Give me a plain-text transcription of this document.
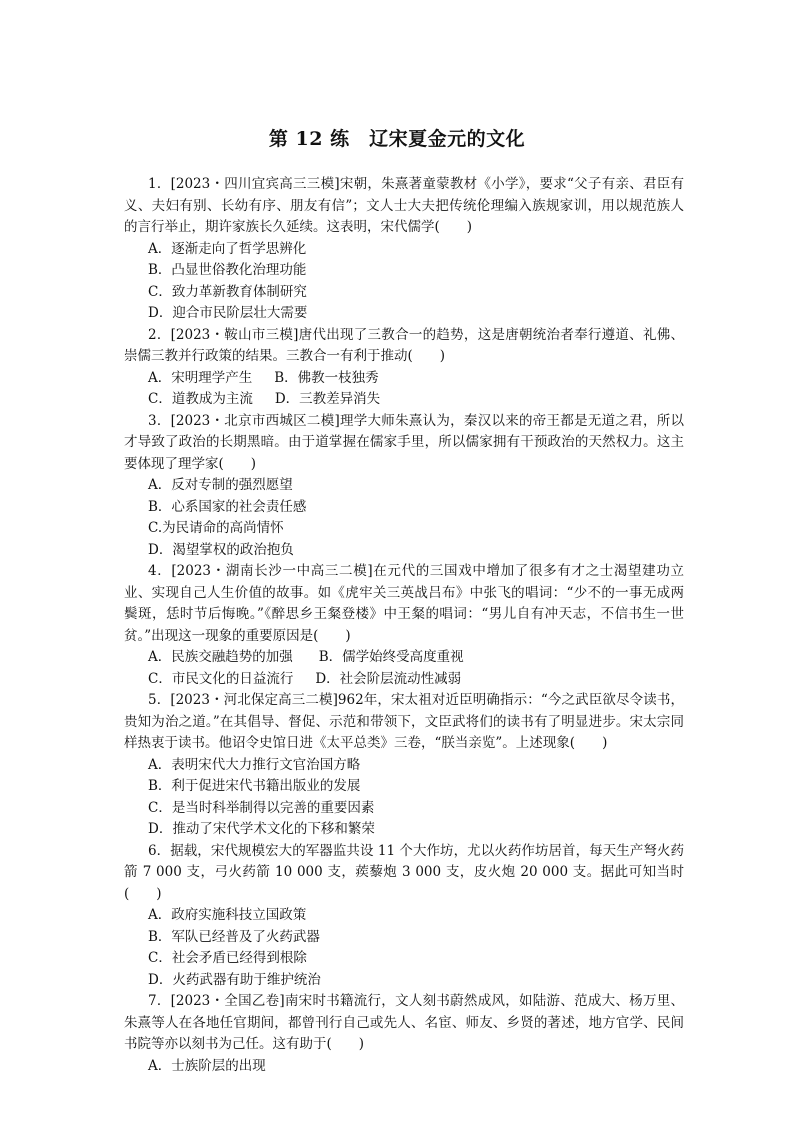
第 12 练　辽宋夏金元的文化

1．[2023・四川宜宾高三三模]宋朝，朱熹著童蒙教材《小学》，要求“父子有亲、君臣有义、夫妇有别、长幼有序、朋友有信”；文人士大夫把传统伦理编入族规家训，用以规范族人的言行举止，期许家族长久延续。这表明，宋代儒学(　　)

A．逐渐走向了哲学思辨化

B．凸显世俗教化治理功能

C．致力革新教育体制研究

D．迎合市民阶层壮大需要

2．[2023・鞍山市三模]唐代出现了三教合一的趋势，这是唐朝统治者奉行遵道、礼佛、崇儒三教并行政策的结果。三教合一有利于推动(　　)

A．宋明理学产生 B．佛教一枝独秀

C．道教成为主流 D．三教差异消失

3．[2023・北京市西城区二模]理学大师朱熹认为，秦汉以来的帝王都是无道之君，所以才导致了政治的长期黑暗。由于道掌握在儒家手里，所以儒家拥有干预政治的天然权力。这主要体现了理学家(　　)

A．反对专制的强烈愿望

B．心系国家的社会责任感

C.为民请命的高尚情怀

D．渴望掌权的政治抱负

4．[2023・湖南长沙一中高三二模]在元代的三国戏中增加了很多有才之士渴望建功立业、实现自己人生价值的故事。如《虎牢关三英战吕布》中张飞的唱词：“少不的一事无成两鬓斑，恁时节后悔晚。”《醉思乡王粲登楼》中王粲的唱词：“男儿自有冲天志，不信书生一世贫。”出现这一现象的重要原因是(　　)

A．民族交融趋势的加强 B．儒学始终受高度重视

C．市民文化的日益流行 D．社会阶层流动性减弱

5．[2023・河北保定高三二模]962年，宋太祖对近臣明确指示：“今之武臣欲尽令读书，贵知为治之道。”在其倡导、督促、示范和带领下，文臣武将们的读书有了明显进步。宋太宗同样热衷于读书。他诏令史馆日进《太平总类》三卷，“朕当亲览”。上述现象(　　)

A．表明宋代大力推行文官治国方略

B．利于促进宋代书籍出版业的发展

C．是当时科举制得以完善的重要因素

D．推动了宋代学术文化的下移和繁荣

6．据载，宋代规模宏大的军器监共设 11 个大作坊，尤以火药作坊居首，每天生产弩火药箭 7 000 支，弓火药箭 10 000 支，蒺藜炮 3 000 支，皮火炮 20 000 支。据此可知当时(　　)

A．政府实施科技立国政策

B．军队已经普及了火药武器

C．社会矛盾已经得到根除

D．火药武器有助于维护统治

7．[2023・全国乙卷]南宋时书籍流行，文人刻书蔚然成风，如陆游、范成大、杨万里、朱熹等人在各地任官期间，都曾刊行自己或先人、名宦、师友、乡贤的著述，地方官学、民间书院等亦以刻书为己任。这有助于(　　)

A．士族阶层的出现
